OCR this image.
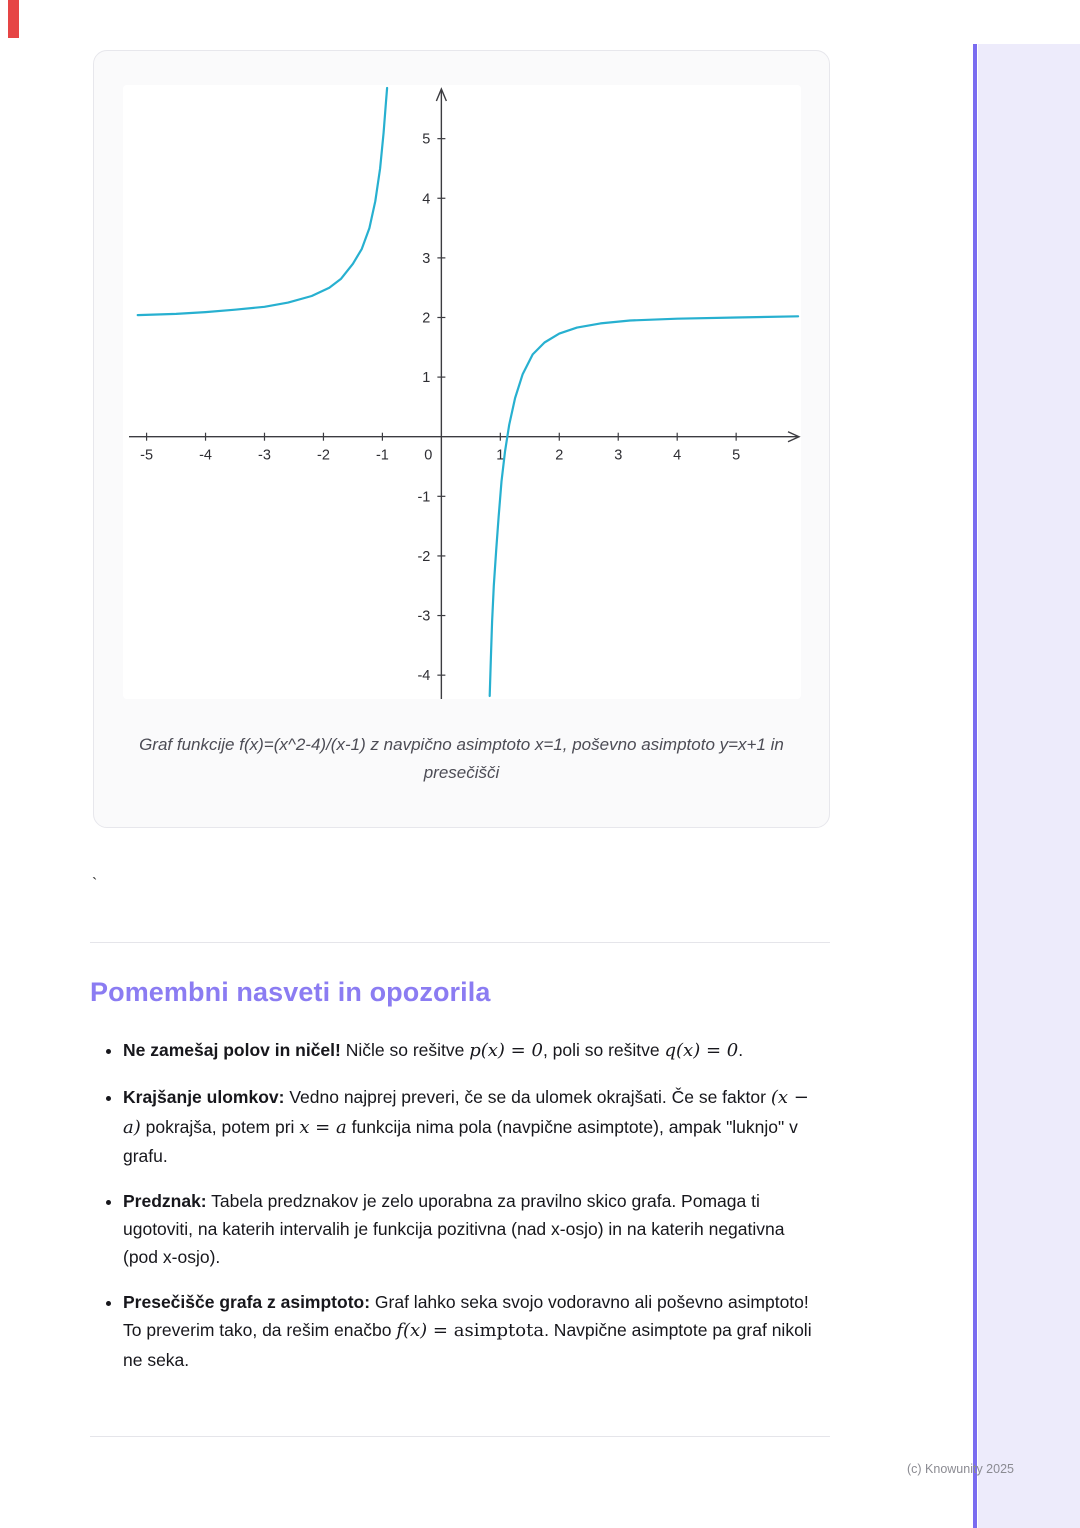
-5	-4	-3	-2	-1 0	1	2	3	4	5
5
4
3
2
1
-1
-2
-3
-4

Graf funkcije f(x)=(x^2-4)/(x-1) z navpično asimptoto x=1, poševno asimptoto y=x+1 in presečišči

`
Pomembni nasveti in opozorila
• Ne zamešaj polov in ničel! Ničle so rešitve p(x) = 0, poli so rešitve q(x) = 0.
• Krajšanje ulomkov: Vedno najprej preveri, če se da ulomek okrajšati. Če se faktor (x − a) pokrajša, potem pri x = a funkcija nima pola (navpične asimptote), ampak "luknjo" v grafu.
• Predznak: Tabela predznakov je zelo uporabna za pravilno skico grafa. Pomaga ti ugotoviti, na katerih intervalih je funkcija pozitivna (nad x-osjo) in na katerih negativna (pod x-osjo).
• Presečišče grafa z asimptoto: Graf lahko seka svojo vodoravno ali poševno asimptoto! To preverim tako, da rešim enačbo f(x) = asimptota. Navpične asimptote pa graf nikoli ne seka.
(c) Knowunity 2025
